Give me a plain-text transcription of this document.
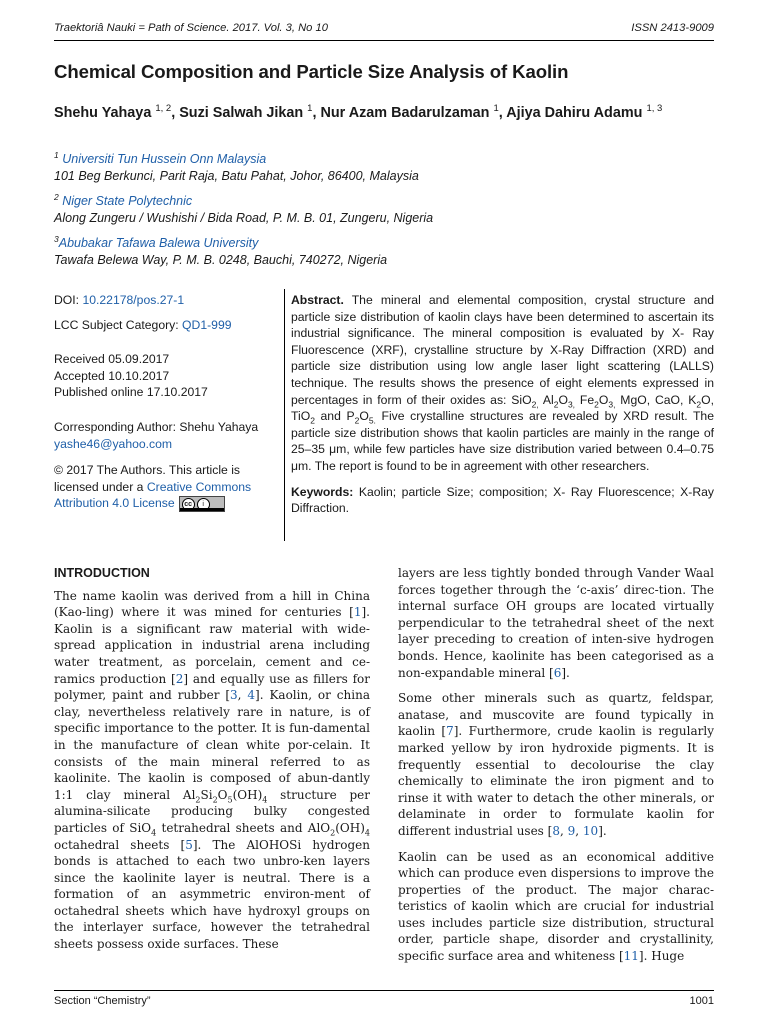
Traektoriâ Nauki = Path of Science. 2017. Vol. 3, No 10	ISSN 2413-9009
Chemical Composition and Particle Size Analysis of Kaolin

Shehu Yahaya $^{1, 2}$, Suzi Salwah Jikan $^1$, Nur Azam Badarulzaman $^1$, Ajiya Dahiru Adamu $^{1, 3}$

$^1$ Universiti Tun Hussein Onn Malaysia
101 Beg Berkunci, Parit Raja, Batu Pahat, Johor, 86400, Malaysia
$^2$ Niger State Polytechnic
Along Zungeru / Wushishi / Bida Road, P. M. B. 01, Zungeru, Nigeria
$^3$Abubakar Tafawa Balewa University
Tawafa Belewa Way, P. M. B. 0248, Bauchi, 740272, Nigeria

DOI: 10.22178/pos.27-1

LCC Subject Category: QD1-999

Received 05.09.2017

Accepted 10.10.2017

Published online 17.10.2017

Corresponding Author: Shehu Yahaya

yashe46@yahoo.com

© 2017 The Authors. This article is licensed under a Creative Commons Attribution 4.0 License	cc	i

Abstract. The mineral and elemental composition, crystal structure and particle size distribution of kaolin clays have been determined to ascertain its industrial significance. The mineral composition is evaluated by X- Ray Fluorescence (XRF), crystalline structure by X-Ray Diffraction (XRD) and particle size distribution using low angle laser light scattering (LALLS) technique. The results shows the presence of eight elements expressed in percentages in form of their oxides as: SiO$_{2,}$ $Al_2O_{3,}$ $Fe_2O_{3,}$ MgO, CaO, $K_2O$, TiO$_2$ and $P_2O_{5.}$ Five crystalline structures are revealed by XRD result. The particle size distribution shows that kaolin particles are mainly in the range of 25–35 μm, while few particles have size distribution varied between 0.4–0.75 μm. The report is found to be in agreement with other researchers.

Keywords: Kaolin; particle Size; composition; X- Ray Fluorescence; X-Ray Diffraction.

INTRODUCTION

The name kaolin was derived from a hill in China (Kao-ling) where it was mined for centuries [1]. Kaolin is a significant raw material with wide-spread application in industrial arena including water treatment, as porcelain, cement and ce-ramics production [2] and equally use as fillers for polymer, paint and rubber [3, 4]. Kaolin, or china clay, nevertheless relatively rare in nature, is of specific importance to the potter. It is fun-damental in the manufacture of clean white por-celain. It consists of the main mineral referred to as kaolinite. The kaolin is composed of abun-dantly 1:1 clay mineral $Al_2Si_2O_5(OH)_4$ structure per alumina-silicate producing bulky congested particles of SiO$_4$ tetrahedral sheets and $AlO_2(OH)_4$ octahedral sheets [5]. The AlOHOSi hydrogen bonds is attached to each two unbro-ken layers since the kaolinite layer is neutral. There is a formation of an asymmetric environ-ment of octahedral sheets which have hydroxyl groups on the interlayer surface, however the tetrahedral sheets possess oxide surfaces. These

layers are less tightly bonded through Vander Waal forces together through the ‘c-axis’ direc-tion. The internal surface OH groups are located virtually perpendicular to the tetrahedral sheet of the next layer preceding to creation of inten-sive hydrogen bonds. Hence, kaolinite has been categorised as a non-expandable mineral [6].

Some other minerals such as quartz, feldspar, anatase, and muscovite are found typically in kaolin [7]. Furthermore, crude kaolin is regularly marked yellow by iron hydroxide pigments. It is frequently essential to decolourise the clay chemically to eliminate the iron pigment and to rinse it with water to detach the other minerals, or delaminate in order to formulate kaolin for different industrial uses [8, 9, 10].

Kaolin can be used as an economical additive which can produce even dispersions to improve the properties of the product. The major charac-teristics of kaolin which are crucial for industrial uses includes particle size distribution, structural order, particle shape, disorder and crystallinity, specific surface area and whiteness [11]. Huge

Section “Chemistry”	1001
